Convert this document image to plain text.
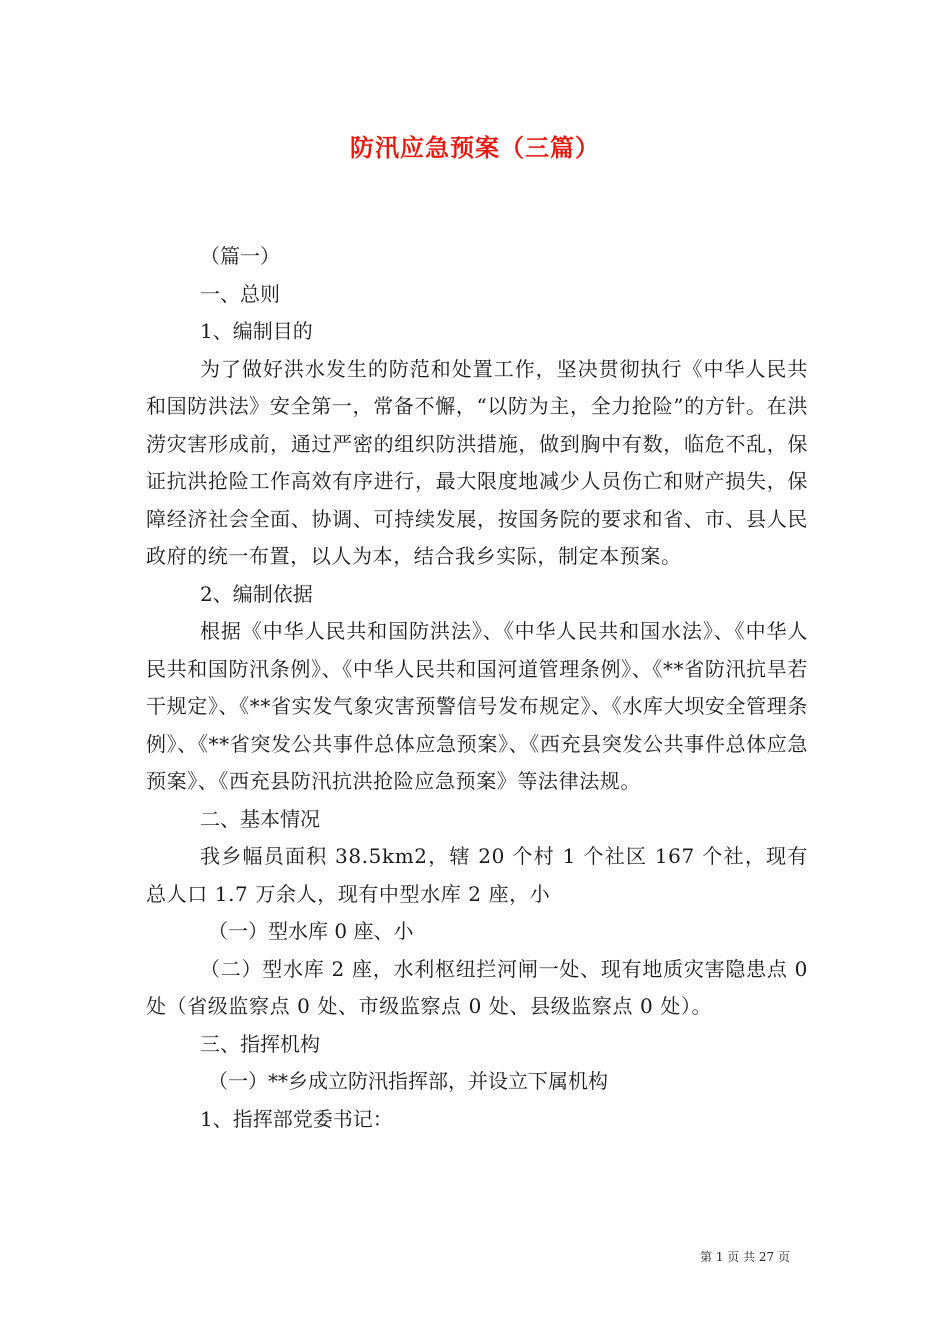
防汛应急预案（三篇）

（篇一）

一、总则

1、编制目的

为了做好洪水发生的防范和处置工作，坚决贯彻执行《中华人民共和国防洪法》安全第一，常备不懈，“以防为主，全力抢险”的方针。在洪涝灾害形成前，通过严密的组织防洪措施，做到胸中有数，临危不乱，保证抗洪抢险工作高效有序进行，最大限度地减少人员伤亡和财产损失，保障经济社会全面、协调、可持续发展，按国务院的要求和省、市、县人民政府的统一布置，以人为本，结合我乡实际，制定本预案。

2、编制依据

根据《中华人民共和国防洪法》、《中华人民共和国水法》、《中华人民共和国防汛条例》、《中华人民共和国河道管理条例》、《**省防汛抗旱若干规定》、《**省实发气象灾害预警信号发布规定》、《水库大坝安全管理条例》、《**省突发公共事件总体应急预案》、《西充县突发公共事件总体应急预案》、《西充县防汛抗洪抢险应急预案》等法律法规。

二、基本情况

我乡幅员面积 38.5km2，辖 20 个村 1 个社区 167 个社，现有总人口 1.7 万余人，现有中型水库 2 座，小

（一）型水库 0 座、小

（二）型水库 2 座，水利枢纽拦河闸一处、现有地质灾害隐患点 0 处（省级监察点 0 处、市级监察点 0 处、县级监察点 0 处）。

三、指挥机构

（一）**乡成立防汛指挥部，并设立下属机构

1、指挥部党委书记：

第 1 页 共 27 页
